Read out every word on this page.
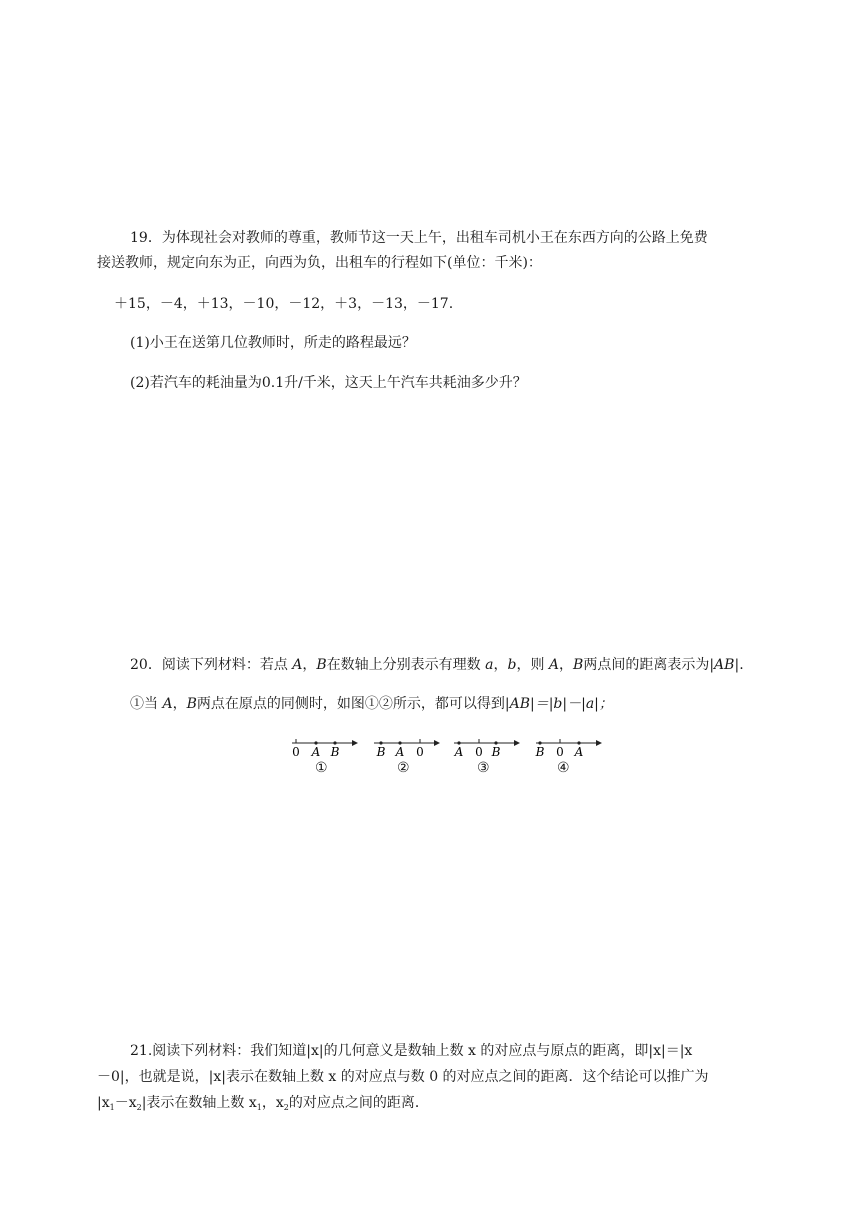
19．为体现社会对教师的尊重，教师节这一天上午，出租车司机小王在东西方向的公路上免费
接送教师，规定向东为正，向西为负，出租车的行程如下(单位：千米)：
＋15，－4，＋13，－10，－12，＋3，－13，－17.
(1)小王在送第几位教师时，所走的路程最远？
(2)若汽车的耗油量为0.1升/千米，这天上午汽车共耗油多少升？
20．阅读下列材料：若点 A，B在数轴上分别表示有理数 a，b，则 A，B两点间的距离表示为|AB|.
①当 A，B两点在原点的同侧时，如图①②所示，都可以得到|AB|＝|b|－|a|；
0 A B	B A 0	A 0 B	B 0 A
①	②	③	④
21.阅读下列材料：我们知道|x|的几何意义是数轴上数 x 的对应点与原点的距离，即|x|＝|x
－0|，也就是说，|x|表示在数轴上数 x 的对应点与数 0 的对应点之间的距离．这个结论可以推广为
$|x_1-x_2|$表示在数轴上数 $x_1$，$x_2$的对应点之间的距离．
